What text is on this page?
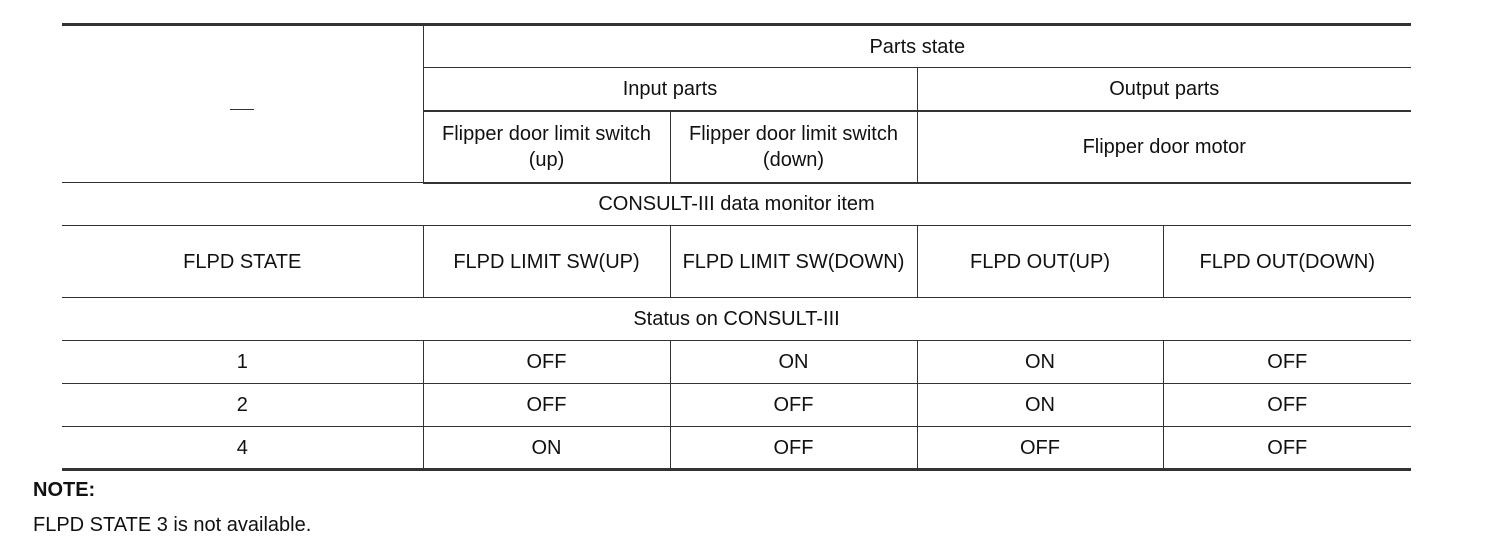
	Parts state			
	Input parts		Output parts	
	Flipper door limit switch (up)	Flipper door limit switch (down)	Flipper door motor	
CONSULT-III data monitor item				
FLPD STATE	FLPD LIMIT SW(UP)	FLPD LIMIT SW(DOWN)	FLPD OUT(UP)	FLPD OUT(DOWN)
Status on CONSULT-III				
1	OFF	ON	ON	OFF
2	OFF	OFF	ON	OFF
4	ON	OFF	OFF	OFF
NOTE:
FLPD STATE 3 is not available.
